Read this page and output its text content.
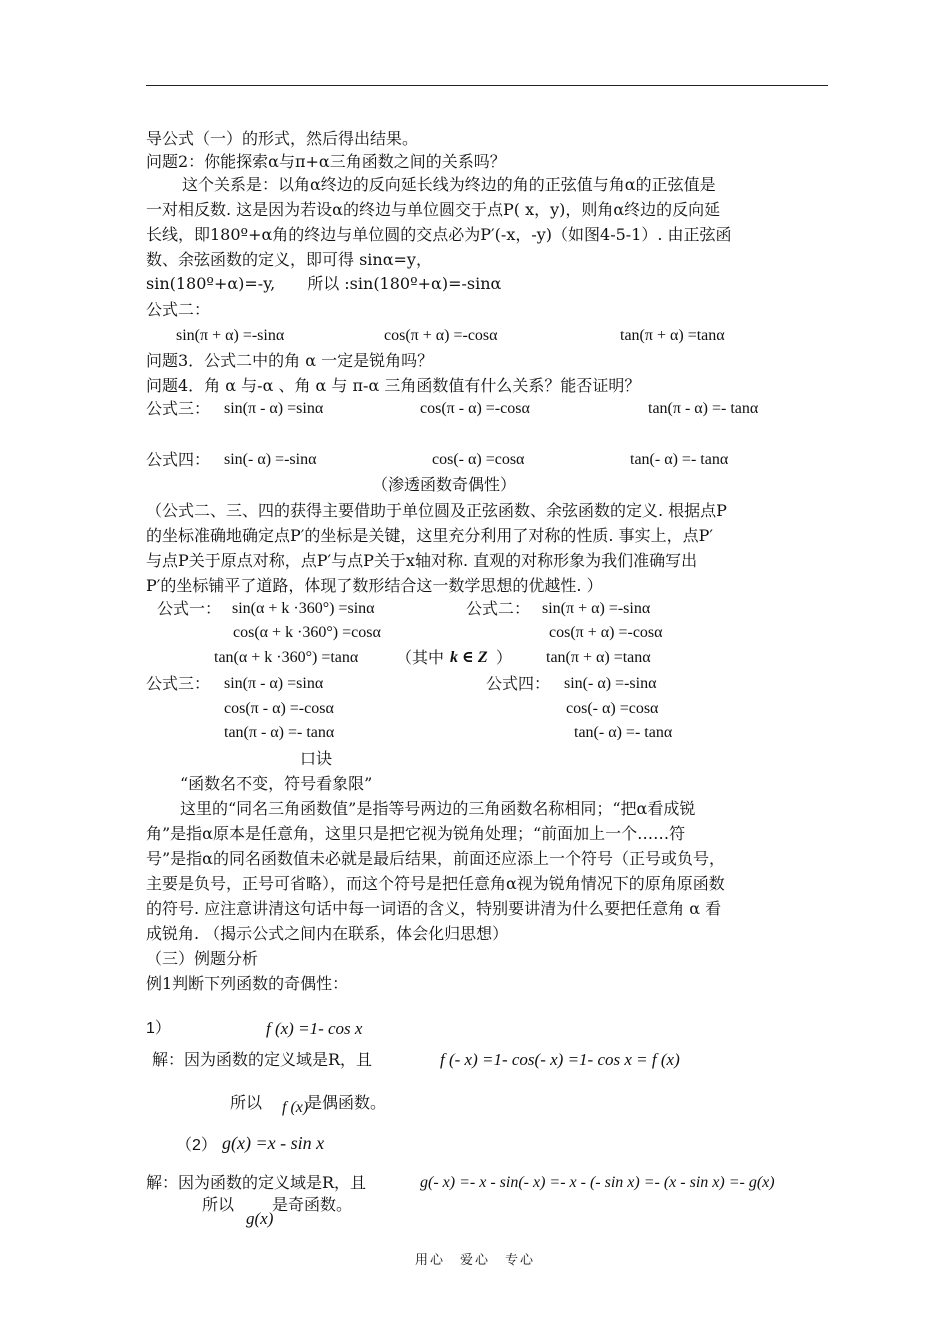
导公式（一）的形式，然后得出结果。
问题2：你能探索α与π+α三角函数之间的关系吗？
这个关系是：以角α终边的反向延长线为终边的角的正弦值与角α的正弦值是
一对相反数. 这是因为若设α的终边与单位圆交于点P( x，y)，则角α终边的反向延
长线，即180º+α角的终边与单位圆的交点必为P′(-x，-y)（如图4-5-1）. 由正弦函
数、余弦函数的定义，即可得 sinα=y，
sin(180º+α)=-y,　　所以 :sin(180º+α)=-sinα
公式二：
sin(π + α) =-sinα	cos(π + α) =-cosα	tan(π + α) =tanα
问题3．公式二中的角 α 一定是锐角吗？
问题4．角 α 与-α 、角 α 与 π-α 三角函数值有什么关系？能否证明？
公式三： sin(π - α) =sinα	cos(π - α) =-cosα	tan(π - α) =- tanα
公式四： sin(- α) =-sinα	cos(- α) =cosα	tan(- α) =- tanα
（渗透函数奇偶性）
（公式二、三、四的获得主要借助于单位圆及正弦函数、余弦函数的定义. 根据点P
的坐标准确地确定点P′的坐标是关键，这里充分利用了对称的性质. 事实上，点P′
与点P关于原点对称，点P′与点P关于x轴对称. 直观的对称形象为我们准确写出
P′的坐标铺平了道路，体现了数形结合这一数学思想的优越性. ）
公式一： sin(α + k ·360°) =sinα	公式二： sin(π + α) =-sinα
cos(α + k ·360°) =cosα	cos(π + α) =-cosα
tan(α + k ·360°) =tanα （其中 k ∈ Z ） tan(π + α) =tanα
公式三： sin(π - α) =sinα	公式四： sin(- α) =-sinα
cos(π - α) =-cosα	cos(- α) =cosα
tan(π - α) =- tanα	tan(- α) =- tanα
口诀
“函数名不变，符号看象限”
这里的“同名三角函数值”是指等号两边的三角函数名称相同；“把α看成锐
角”是指α原本是任意角，这里只是把它视为锐角处理；“前面加上一个……符
号”是指α的同名函数值未必就是最后结果，前面还应添上一个符号（正号或负号，
主要是负号，正号可省略），而这个符号是把任意角α视为锐角情况下的原角原函数
的符号. 应注意讲清这句话中每一词语的含义，特别要讲清为什么要把任意角 α 看
成锐角. （揭示公式之间内在联系，体会化归思想）
（三）例题分析
例1判断下列函数的奇偶性：
1）	f (x) =1- cos x
解：因为函数的定义域是R，且	f (- x) =1- cos(- x) =1- cos x = f (x)
所以 f (x)
是偶函数。
（2） g(x) =x - sin x
解：因为函数的定义域是R，且	g(- x) =- x - sin(- x) =- x - (- sin x) =- (x - sin x) =- g(x)
所以
g(x)
是奇函数。
用心　爱心　专心
